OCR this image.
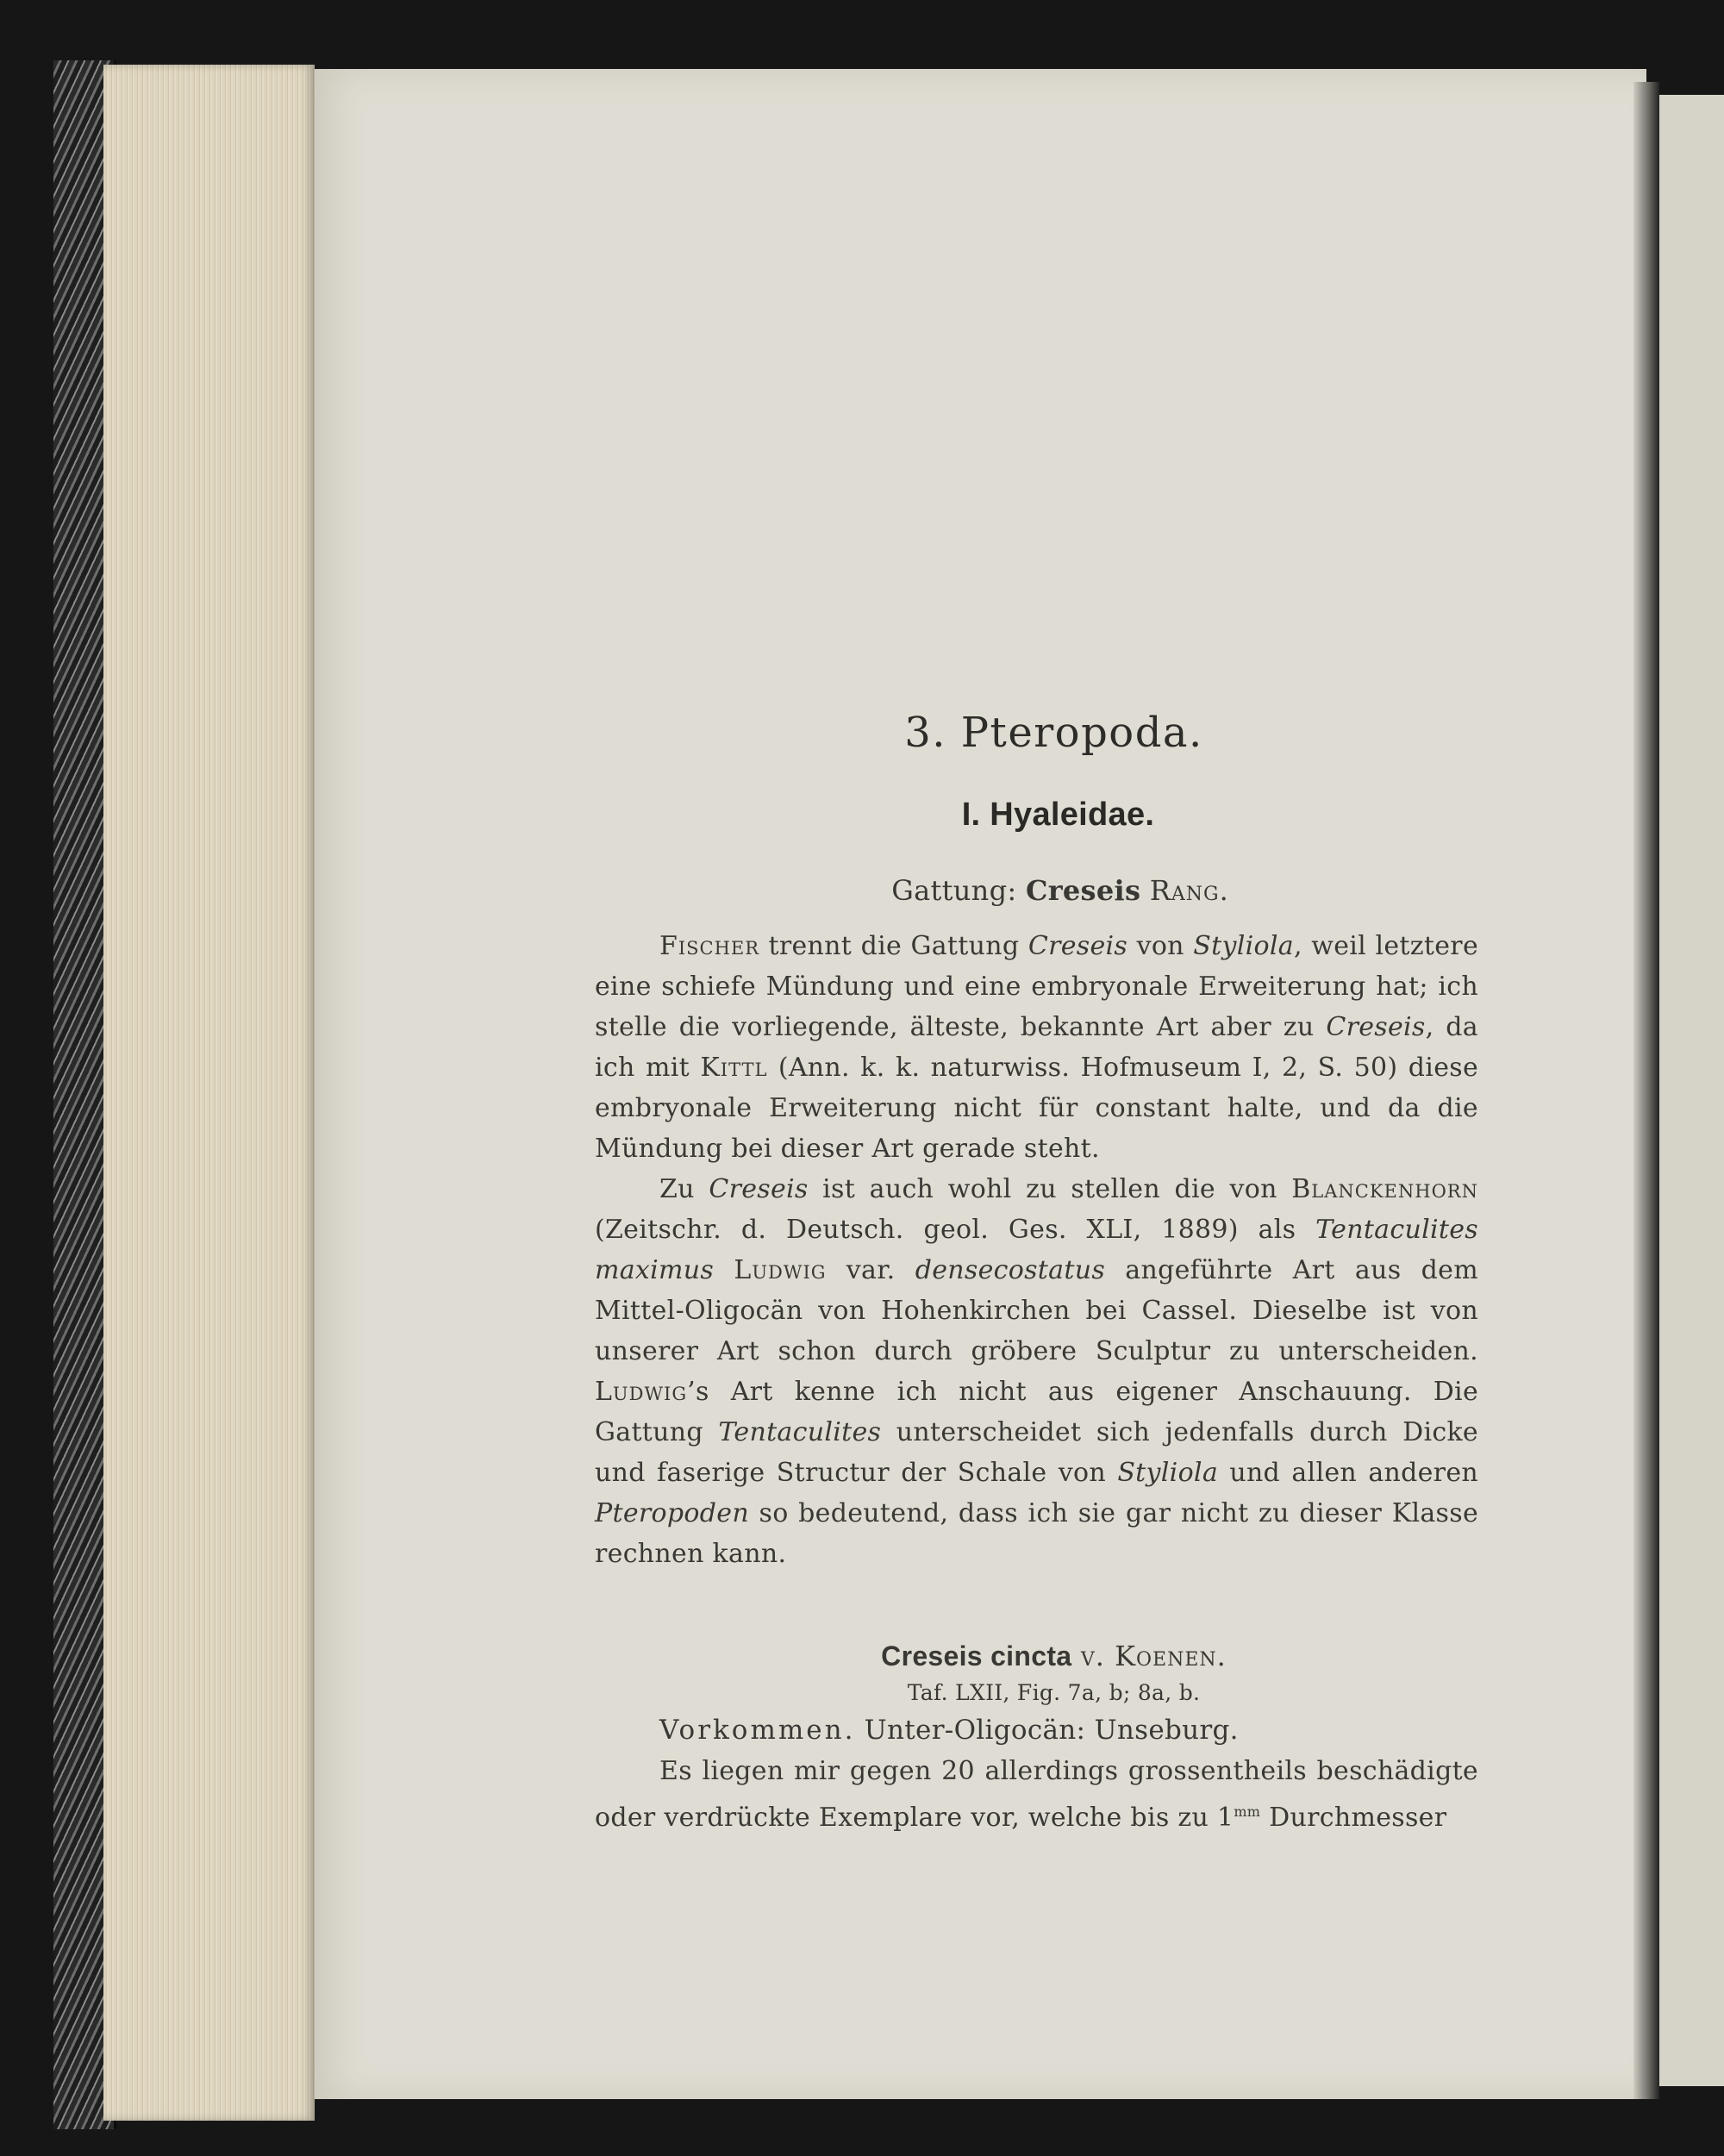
3. Pteropoda.
I. Hyaleidae.
Gattung: Creseis Rang.

Fischer trennt die Gattung Creseis von Styliola, weil letztere eine schiefe Mündung und eine embryonale Erweiterung hat; ich stelle die vorliegende, älteste, bekannte Art aber zu Creseis, da ich mit Kittl (Ann. k. k. naturwiss. Hofmuseum I, 2, S. 50) diese embryonale Erweiterung nicht für constant halte, und da die Mündung bei dieser Art gerade steht.

Zu Creseis ist auch wohl zu stellen die von Blanckenhorn (Zeitschr. d. Deutsch. geol. Ges. XLI, 1889) als Tentaculites maximus Ludwig var. densecostatus angeführte Art aus dem Mittel-Oligocän von Hohenkirchen bei Cassel. Dieselbe ist von unserer Art schon durch gröbere Sculptur zu unterscheiden. Ludwig’s Art kenne ich nicht aus eigener Anschauung. Die Gattung Tentaculites unterscheidet sich jedenfalls durch Dicke und faserige Structur der Schale von Styliola und allen anderen Pteropoden so bedeutend, dass ich sie gar nicht zu dieser Klasse rechnen kann.

Creseis cincta v. Koenen.
Taf. LXII, Fig. 7a, b; 8a, b.

Vorkommen. Unter-Oligocän: Unseburg.

Es liegen mir gegen 20 allerdings grossentheils beschädigte oder verdrückte Exemplare vor, welche bis zu $1^{mm}$ Durchmesser
